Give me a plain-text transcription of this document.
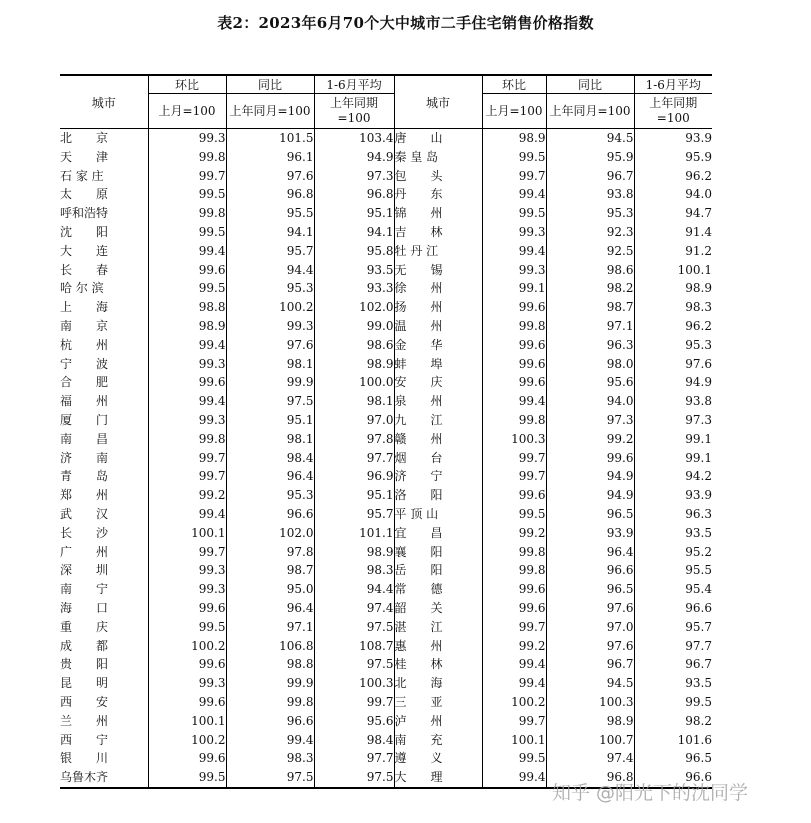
表2：2023年6月70个大中城市二手住宅销售价格指数
城市	环比	同比	1-6月平均	城市	环比	同比	1-6月平均
	上月=100	上年同月=100	上年同期=100		上月=100	上年同月=100	上年同期=100
北　　京	99.3	101.5	103.4	唐　　山	98.9	94.5	93.9
天　　津	99.8	96.1	94.9	秦 皇 岛	99.5	95.9	95.9
石 家 庄	99.7	97.6	97.3	包　　头	99.7	96.7	96.2
太　　原	99.5	96.8	96.8	丹　　东	99.4	93.8	94.0
呼和浩特	99.8	95.5	95.1	锦　　州	99.5	95.3	94.7
沈　　阳	99.5	94.1	94.1	吉　　林	99.3	92.3	91.4
大　　连	99.4	95.7	95.8	牡 丹 江	99.4	92.5	91.2
长　　春	99.6	94.4	93.5	无　　锡	99.3	98.6	100.1
哈 尔 滨	99.5	95.3	93.3	徐　　州	99.1	98.2	98.9
上　　海	98.8	100.2	102.0	扬　　州	99.6	98.7	98.3
南　　京	98.9	99.3	99.0	温　　州	99.8	97.1	96.2
杭　　州	99.4	97.6	98.6	金　　华	99.6	96.3	95.3
宁　　波	99.3	98.1	98.9	蚌　　埠	99.6	98.0	97.6
合　　肥	99.6	99.9	100.0	安　　庆	99.6	95.6	94.9
福　　州	99.4	97.5	98.1	泉　　州	99.4	94.0	93.8
厦　　门	99.3	95.1	97.0	九　　江	99.8	97.3	97.3
南　　昌	99.8	98.1	97.8	赣　　州	100.3	99.2	99.1
济　　南	99.7	98.4	97.7	烟　　台	99.7	99.6	99.1
青　　岛	99.7	96.4	96.9	济　　宁	99.7	94.9	94.2
郑　　州	99.2	95.3	95.1	洛　　阳	99.6	94.9	93.9
武　　汉	99.4	96.6	95.7	平 顶 山	99.5	96.5	96.3
长　　沙	100.1	102.0	101.1	宜　　昌	99.2	93.9	93.5
广　　州	99.7	97.8	98.9	襄　　阳	99.8	96.4	95.2
深　　圳	99.3	98.7	98.3	岳　　阳	99.8	96.6	95.5
南　　宁	99.3	95.0	94.4	常　　德	99.6	96.5	95.4
海　　口	99.6	96.4	97.4	韶　　关	99.6	97.6	96.6
重　　庆	99.5	97.1	97.5	湛　　江	99.7	97.0	95.7
成　　都	100.2	106.8	108.7	惠　　州	99.2	97.6	97.7
贵　　阳	99.6	98.8	97.5	桂　　林	99.4	96.7	96.7
昆　　明	99.3	99.9	100.3	北　　海	99.4	94.5	93.5
西　　安	99.6	99.8	99.7	三　　亚	100.2	100.3	99.5
兰　　州	100.1	96.6	95.6	泸　　州	99.7	98.9	98.2
西　　宁	100.2	99.4	98.4	南　　充	100.1	100.7	101.6
银　　川	99.6	98.3	97.7	遵　　义	99.5	97.4	96.5
乌鲁木齐	99.5	97.5	97.5	大　　理	99.4	96.8	96.6
知乎 @阳光下的沈同学
